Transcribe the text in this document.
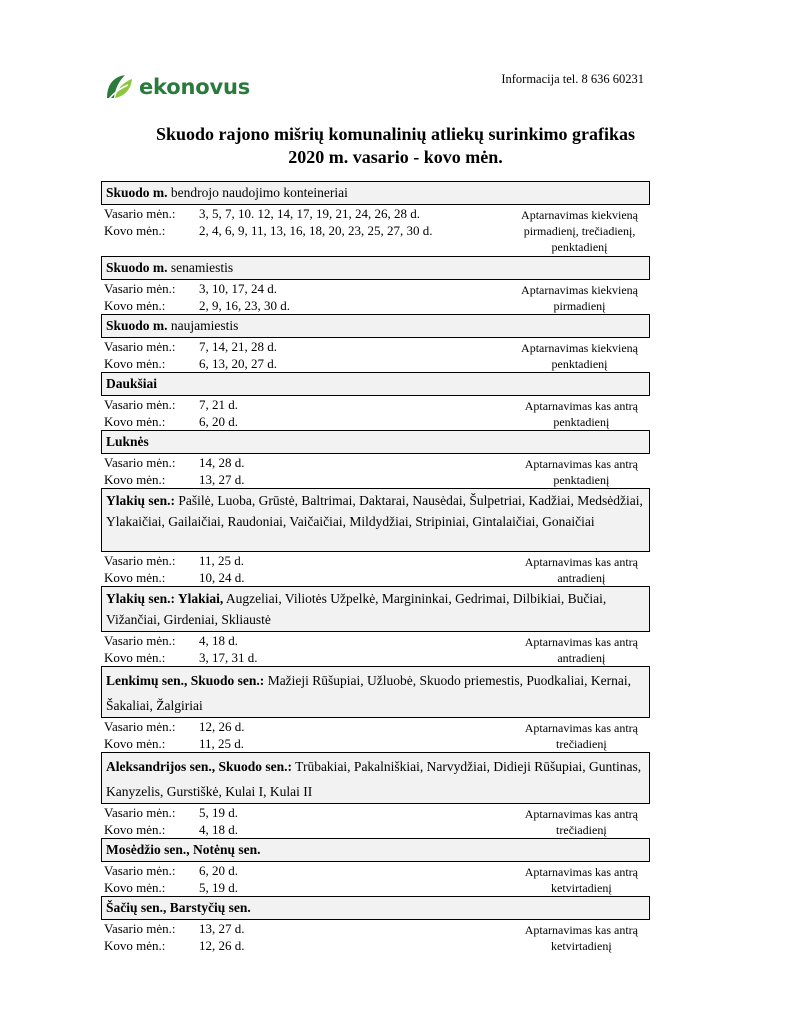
ekonovus	Informacija tel. 8 636 60231
Skuodo rajono mišrių komunalinių atliekų surinkimo grafikas
2020 m. vasario - kovo mėn.
Skuodo m. bendrojo naudojimo konteineriai
Vasario mėn.:	3, 5, 7, 10. 12, 14, 17, 19, 21, 24, 26, 28 d.
Kovo mėn.:	2, 4, 6, 9, 11, 13, 16, 18, 20, 23, 25, 27, 30 d.
Aptarnavimas kiekvieną
pirmadienį, trečiadienį,
penktadienį
Skuodo m. senamiestis
Vasario mėn.:	3, 10, 17, 24 d.
Kovo mėn.:	2, 9, 16, 23, 30 d.
Aptarnavimas kiekvieną
pirmadienį
Skuodo m. naujamiestis
Vasario mėn.:	7, 14, 21, 28 d.
Kovo mėn.:	6, 13, 20, 27 d.
Aptarnavimas kiekvieną
penktadienį
Daukšiai
Vasario mėn.:	7, 21 d.
Kovo mėn.:	6, 20 d.
Aptarnavimas kas antrą
penktadienį
Luknės
Vasario mėn.:	14, 28 d.
Kovo mėn.:	13, 27 d.
Aptarnavimas kas antrą
penktadienį
Ylakių sen.: Pašilė, Luoba, Grūstė, Baltrimai, Daktarai, Nausėdai, Šulpetriai, Kadžiai, Medsėdžiai, Ylakaičiai, Gailaičiai, Raudoniai, Vaičaičiai, Mildydžiai, Stripiniai, Gintalaičiai, Gonaičiai
Vasario mėn.:	11, 25 d.
Kovo mėn.:	10, 24 d.
Aptarnavimas kas antrą
antradienį
Ylakių sen.: Ylakiai, Augzeliai, Viliotės Užpelkė, Margininkai, Gedrimai, Dilbikiai, Bučiai, Vižančiai, Girdeniai, Skliaustė
Vasario mėn.:	4, 18 d.
Kovo mėn.:	3, 17, 31 d.
Aptarnavimas kas antrą
antradienį
Lenkimų sen., Skuodo sen.: Mažieji Rūšupiai, Užluobė, Skuodo priemestis, Puodkaliai, Kernai, Šakaliai, Žalgiriai
Vasario mėn.:	12, 26 d.
Kovo mėn.:	11, 25 d.
Aptarnavimas kas antrą
trečiadienį
Aleksandrijos sen., Skuodo sen.: Trūbakiai, Pakalniškiai, Narvydžiai, Didieji Rūšupiai, Guntinas, Kanyzelis, Gurstiškė, Kulai I, Kulai II
Vasario mėn.:	5, 19 d.
Kovo mėn.:	4, 18 d.
Aptarnavimas kas antrą
trečiadienį
Mosėdžio sen., Notėnų sen.
Vasario mėn.:	6, 20 d.
Kovo mėn.:	5, 19 d.
Aptarnavimas kas antrą
ketvirtadienį
Šačių sen., Barstyčių sen.
Vasario mėn.:	13, 27 d.
Kovo mėn.:	12, 26 d.
Aptarnavimas kas antrą
ketvirtadienį
